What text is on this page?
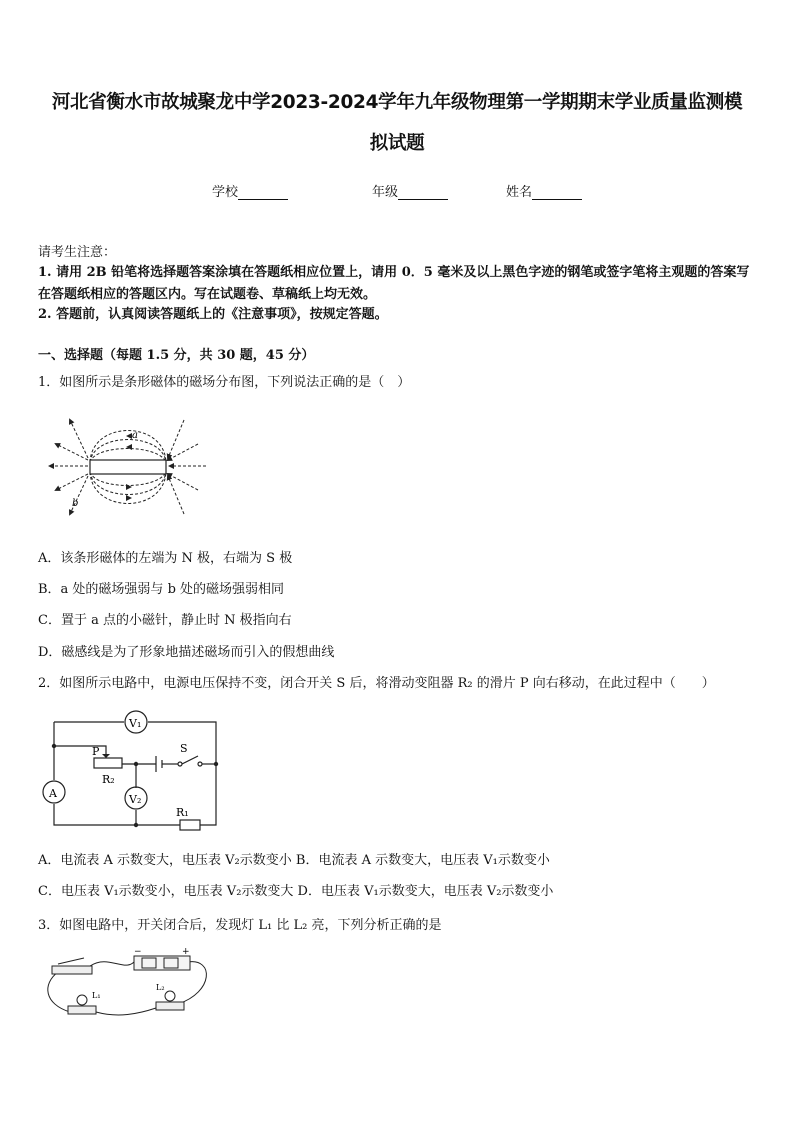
河北省衡水市故城聚龙中学2023-2024学年九年级物理第一学期期末学业质量监测模
拟试题
学校	年级	姓名
请考生注意：
1. 请用 2B 铅笔将选择题答案涂填在答题纸相应位置上，请用 0．5 毫米及以上黑色字迹的钢笔或签字笔将主观题的答案写在答题纸相应的答题区内。写在试题卷、草稿纸上均无效。
2. 答题前，认真阅读答题纸上的《注意事项》，按规定答题。
一、选择题（每题 1.5 分，共 30 题，45 分）
1．如图所示是条形磁体的磁场分布图，下列说法正确的是（　）
a
b
A．该条形磁体的左端为 N 极，右端为 S 极
B．a 处的磁场强弱与 b 处的磁场强弱相同
C．置于 a 点的小磁针，静止时 N 极指向右
D．磁感线是为了形象地描述磁场而引入的假想曲线
2．如图所示电路中，电源电压保持不变，闭合开关 S 后，将滑动变阻器 R₂ 的滑片 P 向右移动，在此过程中（　　）
V₁
A	V₂
P
R₂
R₁
S
A．电流表 A 示数变大，电压表 V₂示数变小 B．电流表 A 示数变大，电压表 V₁示数变小
C．电压表 V₁示数变小，电压表 V₂示数变大 D．电压表 V₁示数变大，电压表 V₂示数变小
3．如图电路中，开关闭合后，发现灯 L₁ 比 L₂ 亮，下列分析正确的是
−	+
L₁
L₂
